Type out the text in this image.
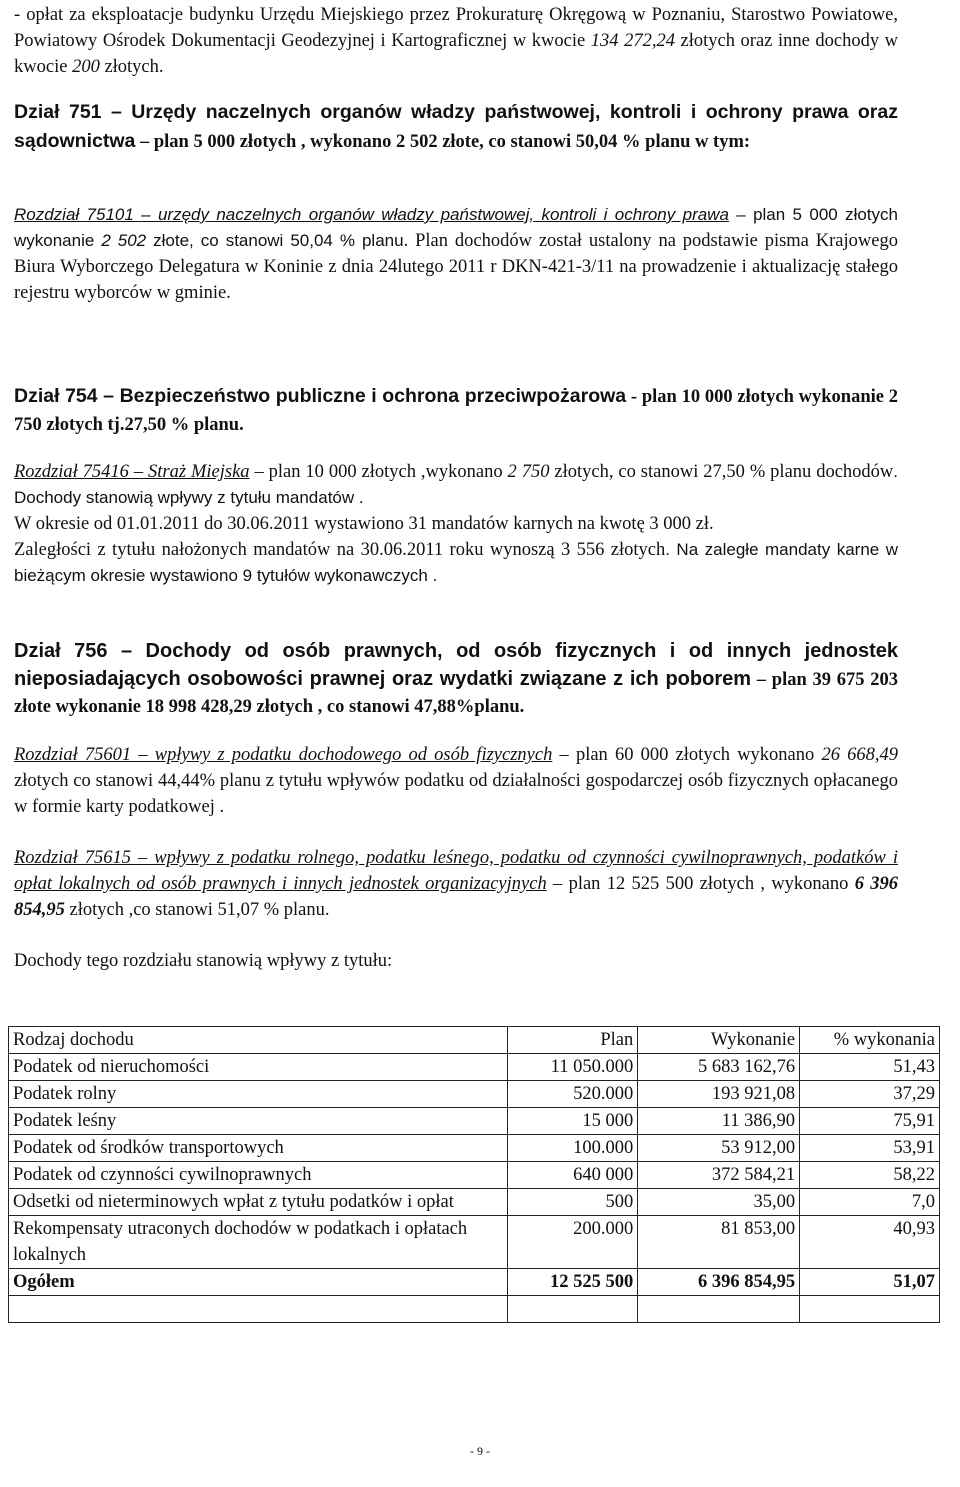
- opłat za eksploatacje budynku Urzędu Miejskiego przez Prokuraturę Okręgową w Poznaniu, Starostwo Powiatowe, Powiatowy Ośrodek Dokumentacji Geodezyjnej i Kartograficznej w kwocie 134 272,24 złotych oraz inne dochody w kwocie 200 złotych.

Dział 751 – Urzędy naczelnych organów władzy państwowej, kontroli i ochrony prawa oraz sądownictwa – plan 5 000 złotych , wykonano 2 502 złote, co stanowi 50,04 % planu w tym:

Rozdział 75101 – urzędy naczelnych organów władzy państwowej, kontroli i ochrony prawa – plan 5 000 złotych wykonanie 2 502 złote, co stanowi 50,04 % planu. Plan dochodów został ustalony na podstawie pisma Krajowego Biura Wyborczego Delegatura w Koninie z dnia 24lutego 2011 r DKN-421-3/11 na prowadzenie i aktualizację stałego rejestru wyborców w gminie.

Dział 754 – Bezpieczeństwo publiczne i ochrona przeciwpożarowa - plan 10 000 złotych wykonanie 2 750 złotych tj.27,50 % planu.

Rozdział 75416 – Straż Miejska – plan 10 000 złotych ,wykonano 2 750 złotych, co stanowi 27,50 % planu dochodów. Dochody stanowią wpływy z tytułu mandatów .

W okresie od 01.01.2011 do 30.06.2011 wystawiono 31 mandatów karnych na kwotę 3 000 zł.

Zaległości z tytułu nałożonych mandatów na 30.06.2011 roku wynoszą 3 556 złotych. Na zaległe mandaty karne w bieżącym okresie wystawiono 9 tytułów wykonawczych .

Dział 756 – Dochody od osób prawnych, od osób fizycznych i od innych jednostek nieposiadających osobowości prawnej oraz wydatki związane z ich poborem – plan 39 675 203 złote wykonanie 18 998 428,29 złotych , co stanowi 47,88%planu.

Rozdział 75601 – wpływy z podatku dochodowego od osób fizycznych – plan 60 000 złotych wykonano 26 668,49 złotych co stanowi 44,44% planu z tytułu wpływów podatku od działalności gospodarczej osób fizycznych opłacanego w formie karty podatkowej .

Rozdział 75615 – wpływy z podatku rolnego, podatku leśnego, podatku od czynności cywilnoprawnych, podatków i opłat lokalnych od osób prawnych i innych jednostek organizacyjnych – plan 12 525 500 złotych , wykonano 6 396 854,95 złotych ,co stanowi 51,07 % planu.

Dochody tego rozdziału stanowią wpływy z tytułu:

Rodzaj dochodu	Plan	Wykonanie	% wykonania
Podatek od nieruchomości	11 050.000	5 683 162,76	51,43
Podatek rolny	520.000	193 921,08	37,29
Podatek leśny	15 000	11 386,90	75,91
Podatek od środków transportowych	100.000	53 912,00	53,91
Podatek od czynności cywilnoprawnych	640 000	372 584,21	58,22
Odsetki od nieterminowych wpłat z tytułu podatków i opłat	500	35,00	7,0
Rekompensaty utraconych dochodów w podatkach i opłatach lokalnych	200.000	81 853,00	40,93
Ogółem	12 525 500	6 396 854,95	51,07

- 9 -
